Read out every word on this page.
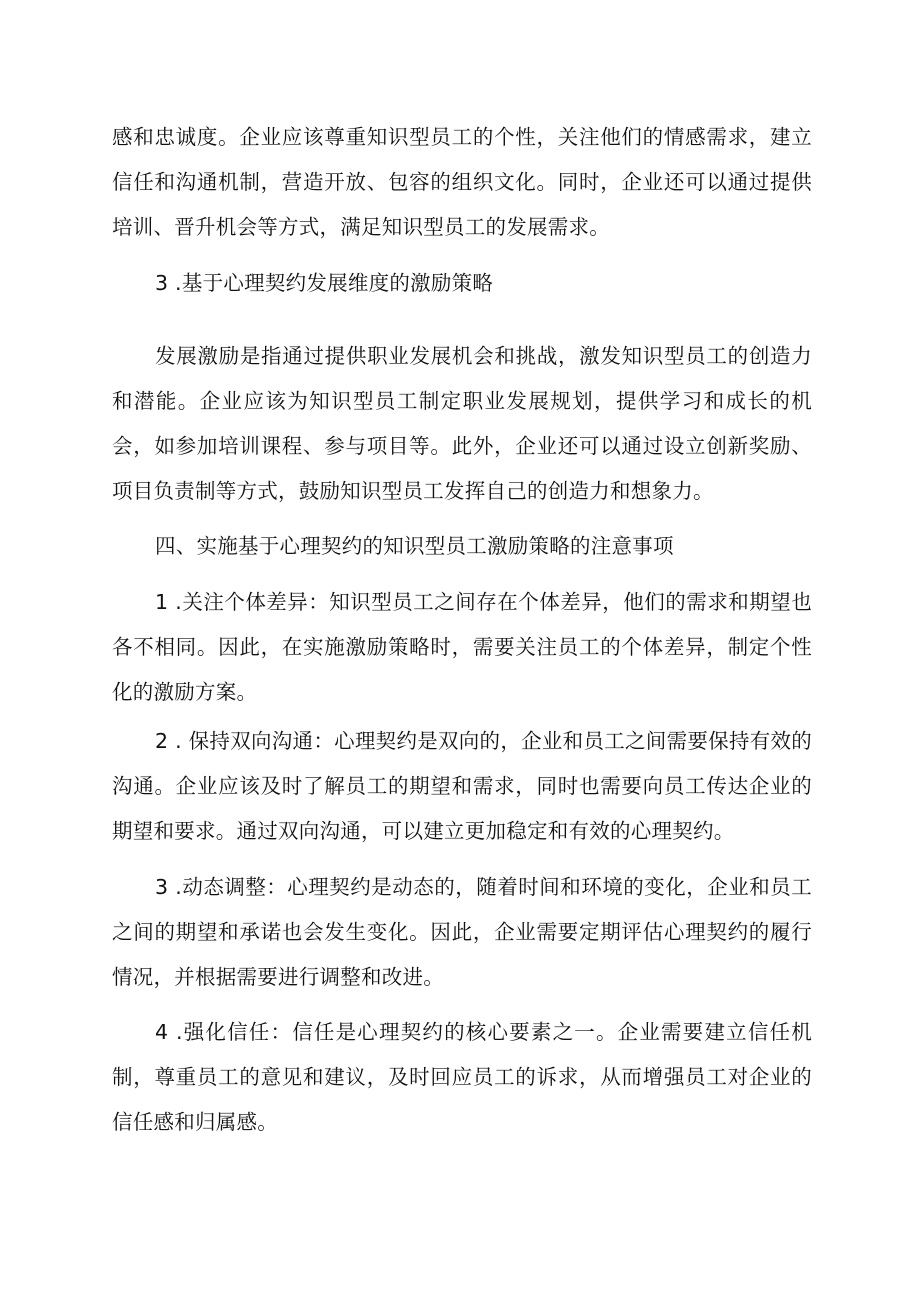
感和忠诚度。企业应该尊重知识型员工的个性，关注他们的情感需求，建立信任和沟通机制，营造开放、包容的组织文化。同时，企业还可以通过提供培训、晋升机会等方式，满足知识型员工的发展需求。

3 .基于心理契约发展维度的激励策略

发展激励是指通过提供职业发展机会和挑战，激发知识型员工的创造力和潜能。企业应该为知识型员工制定职业发展规划，提供学习和成长的机会，如参加培训课程、参与项目等。此外，企业还可以通过设立创新奖励、项目负责制等方式，鼓励知识型员工发挥自己的创造力和想象力。

四、实施基于心理契约的知识型员工激励策略的注意事项

1 .关注个体差异：知识型员工之间存在个体差异，他们的需求和期望也各不相同。因此，在实施激励策略时，需要关注员工的个体差异，制定个性化的激励方案。

2 . 保持双向沟通：心理契约是双向的，企业和员工之间需要保持有效的沟通。企业应该及时了解员工的期望和需求，同时也需要向员工传达企业的期望和要求。通过双向沟通，可以建立更加稳定和有效的心理契约。

3 .动态调整：心理契约是动态的，随着时间和环境的变化，企业和员工之间的期望和承诺也会发生变化。因此，企业需要定期评估心理契约的履行情况，并根据需要进行调整和改进。

4 .强化信任：信任是心理契约的核心要素之一。企业需要建立信任机制，尊重员工的意见和建议，及时回应员工的诉求，从而增强员工对企业的信任感和归属感。
